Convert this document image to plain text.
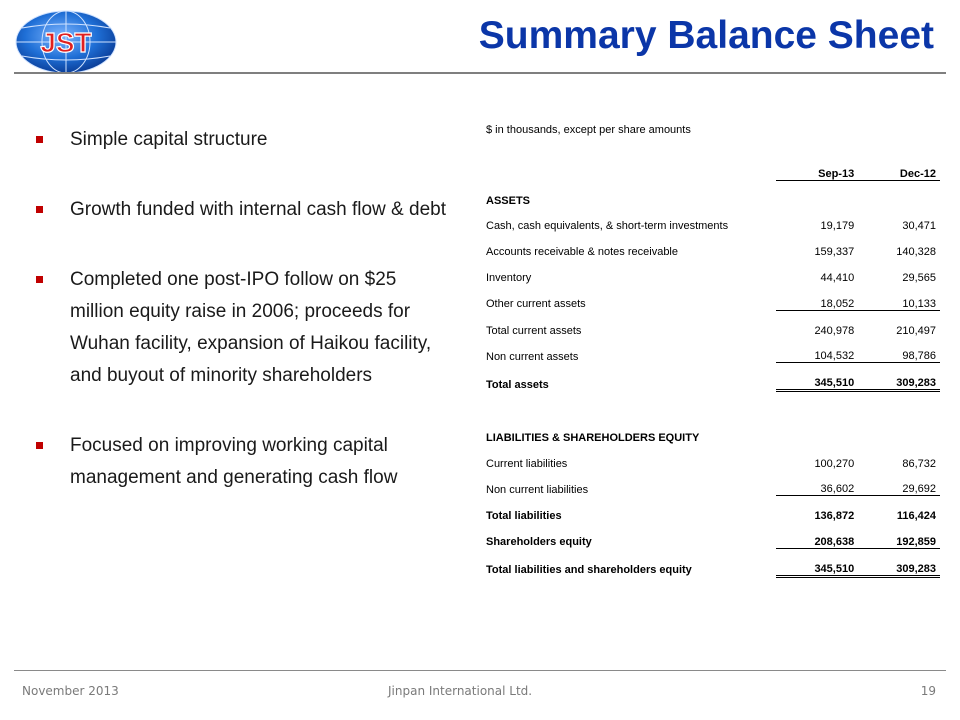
JST	Summary Balance Sheet
Simple capital structure
Growth funded with internal cash flow & debt
Completed one post-IPO follow on $25 million equity raise in 2006; proceeds for Wuhan facility, expansion of Haikou facility, and buyout of minority shareholders
Focused on improving working capital management and generating cash flow
$ in thousands, except per share amounts
	Sep-13	Dec-12
ASSETS		
Cash, cash equivalents, & short-term investments	19,179	30,471
Accounts receivable & notes receivable	159,337	140,328
Inventory	44,410	29,565
Other current assets	18,052	10,133
Total current assets	240,978	210,497
Non current assets	104,532	98,786
Total assets	345,510	309,283

LIABILITIES & SHAREHOLDERS EQUITY		
Current liabilities	100,270	86,732
Non current liabilities	36,602	29,692
Total liabilities	136,872	116,424
Shareholders equity	208,638	192,859
Total liabilities and shareholders equity	345,510	309,283
November 2013	Jinpan International Ltd.	19
